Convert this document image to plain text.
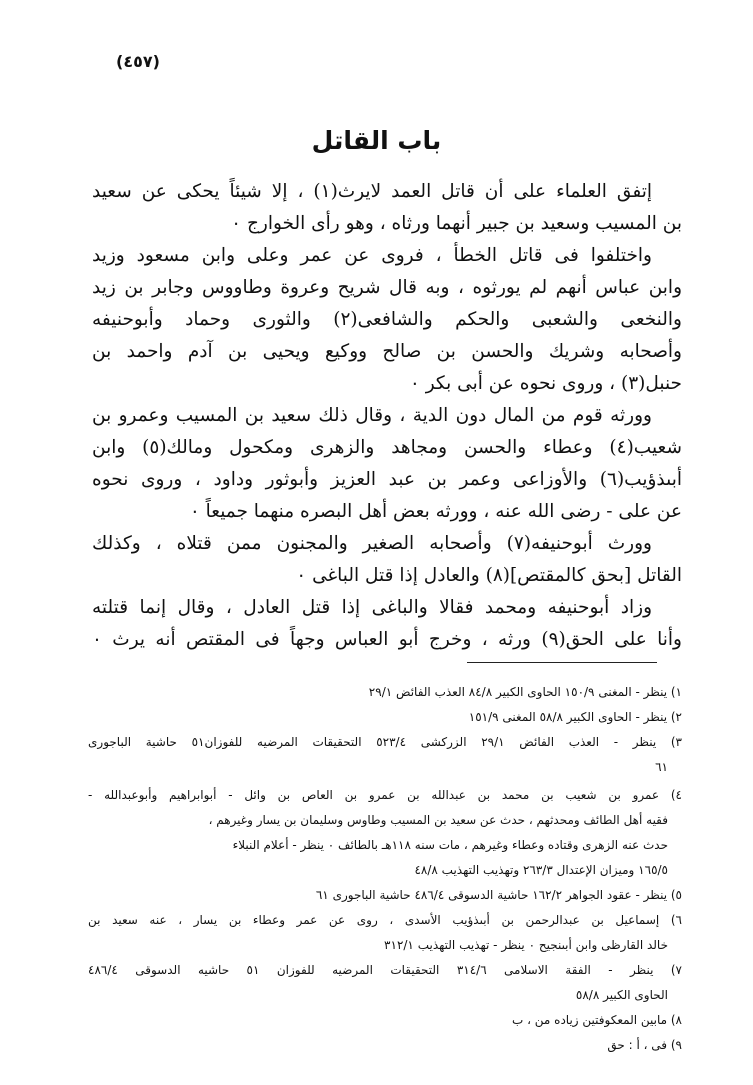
(٤٥٧)
باب القاتل
إتفق العلماء على أن قاتل العمد لايرث(١) ، إلا شيئاً يحكى عن سعيد
بن المسيب وسعيد بن جبير أنهما ورثاه ، وهو رأى الخوارج ٠
واختلفوا فى قاتل الخطأ ، فروى عن عمر وعلى وابن مسعود وزيد
وابن عباس أنهم لم يورثوه ، وبه قال شريح وعروة وطاووس وجابر بن زيد
والنخعى والشعبى والحكم والشافعى(٢) والثورى وحماد وأبوحنيفه
وأصحابه وشريك والحسن بن صالح ووكيع ويحيى بن آدم واحمد بن
حنبل(٣) ، وروى نحوه عن أبى بكر ٠
وورثه قوم من المال دون الدية ، وقال ذلك سعيد بن المسيب وعمرو بن
شعيب(٤) وعطاء والحسن ومجاهد والزهرى ومكحول ومالك(٥) وابن
أبىذؤيب(٦) والأوزاعى وعمر بن عبد العزيز وأبوثور وداود ، وروى نحوه
عن على - رضى الله عنه ، وورثه بعض أهل البصره منهما جميعاً ٠
وورث أبوحنيفه(٧) وأصحابه الصغير والمجنون ممن قتلاه ، وكذلك
القاتل [بحق كالمقتص](٨) والعادل إذا قتل الباغى ٠
وزاد أبوحنيفه ومحمد فقالا والباغى إذا قتل العادل ، وقال إنما قتلته
وأنا على الحق(٩) ورثه ، وخرج أبو العباس وجهاً فى المقتص أنه يرث ٠
١) ينظر - المغنى ١٥٠/٩ الحاوى الكبير ٨٤/٨ العذب الفائض ٢٩/١
٢) ينظر - الحاوى الكبير ٥٨/٨ المغنى ١٥١/٩
٣) ينظر - العذب الفائض ٢٩/١ الزركشى ٥٢٣/٤ التحقيقات المرضيه للفوزان٥١ حاشية الباجورى
٦١
٤) عمرو بن شعيب بن محمد بن عبدالله بن عمرو بن العاص بن وائل - أبوابراهيم وأبوعبدالله -
فقيه أهل الطائف ومحدثهم ، حدث عن سعيد بن المسيب وطاوس وسليمان بن يسار وغيرهم ،
حدث عنه الزهرى وقتاده وعطاء وغيرهم ، مات سنه ١١٨هـ بالطائف ٠ ينظر - أعلام النبلاء
١٦٥/٥ وميزان الإعتدال ٢٦٣/٣ وتهذيب التهذيب ٤٨/٨
٥) ينظر - عقود الجواهر ١٦٢/٢ حاشية الدسوقى ٤٨٦/٤ حاشية الباجورى ٦١
٦) إسماعيل بن عبدالرحمن بن أبىذؤيب الأسدى ، روى عن عمر وعطاء بن يسار ، عنه سعيد بن
خالد القارظى وابن أبىنجيح ٠ ينظر - تهذيب التهذيب ٣١٢/١
٧) ينظر - الفقة الاسلامى ٣١٤/٦ التحقيقات المرضيه للفوزان ٥١ حاشيه الدسوقى ٤٨٦/٤
الحاوى الكبير ٥٨/٨
٨) مابين المعكوفتين زياده من ، ب
٩) فى ، أ : حق
